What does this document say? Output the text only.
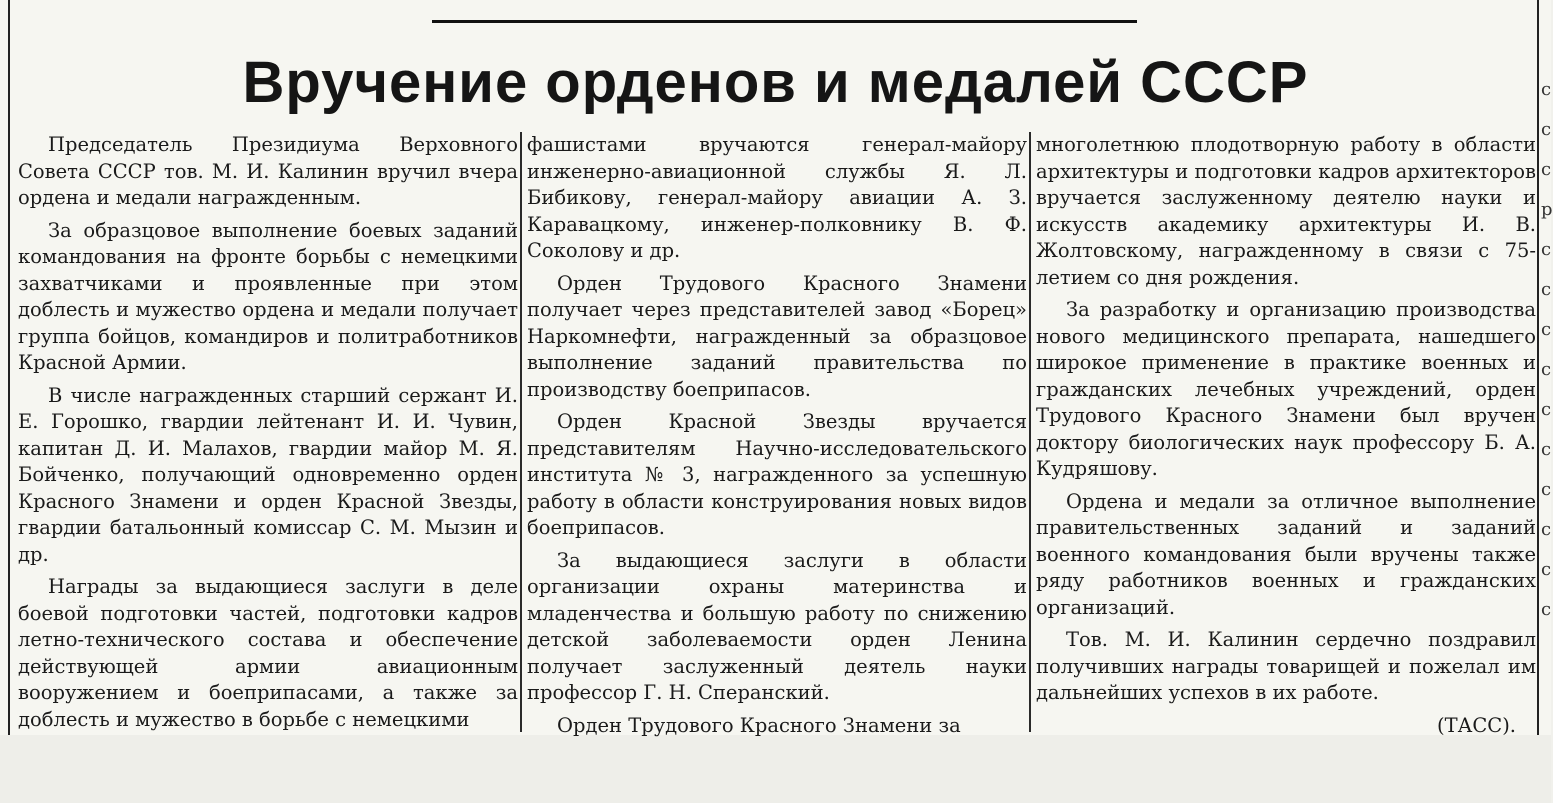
Вручение орденов и медалей СССР

Председатель Президиума Верховного Совета СССР тов. М. И. Калинин вручил вчера ордена и медали награжденным.

За образцовое выполнение боевых заданий командования на фронте борьбы с немецкими захватчиками и проявленные при этом доблесть и мужество ордена и медали получает группа бойцов, командиров и политработников Красной Армии.

В числе награжденных старший сержант И. Е. Горошко, гвардии лейтенант И. И. Чувин, капитан Д. И. Малахов, гвардии майор М. Я. Бойченко, получающий одновременно орден Красного Знамени и орден Красной Звезды, гвардии батальонный комиссар С. М. Мызин и др.

Награды за выдающиеся заслуги в деле боевой подготовки частей, подготовки кадров летно-технического состава и обеспечение действующей армии авиационным вооружением и боеприпасами, а также за доблесть и мужество в борьбе с немецкими

фашистами вручаются генерал-майору инженерно-авиационной службы Я. Л. Бибикову, генерал-майору авиации А. З. Каравацкому, инженер-полковнику В. Ф. Соколову и др.

Орден Трудового Красного Знамени получает через представителей завод «Борец» Наркомнефти, награжденный за образцовое выполнение заданий правительства по производству боеприпасов.

Орден Красной Звезды вручается представителям Научно-исследовательского института № 3, награжденного за успешную работу в области конструирования новых видов боеприпасов.

За выдающиеся заслуги в области организации охраны материнства и младенчества и большую работу по снижению детской заболеваемости орден Ленина получает заслуженный деятель науки профессор Г. Н. Сперанский.

Орден Трудового Красного Знамени за

многолетнюю плодотворную работу в области архитектуры и подготовки кадров архитекторов вручается заслуженному деятелю науки и искусств академику архитектуры И. В. Жолтовскому, награжденному в связи с 75-летием со дня рождения.

За разработку и организацию производства нового медицинского препарата, нашедшего широкое применение в практике военных и гражданских лечебных учреждений, орден Трудового Красного Знамени был вручен доктору биологических наук профессору Б. А. Кудряшову.

Ордена и медали за отличное выполнение правительственных заданий и заданий военного командования были вручены также ряду работников военных и гражданских организаций.

Тов. М. И. Калинин сердечно поздравил получивших награды товарищей и пожелал им дальнейших успехов в их работе.

(ТАСС).
с с с р с с с с с с с с с с
